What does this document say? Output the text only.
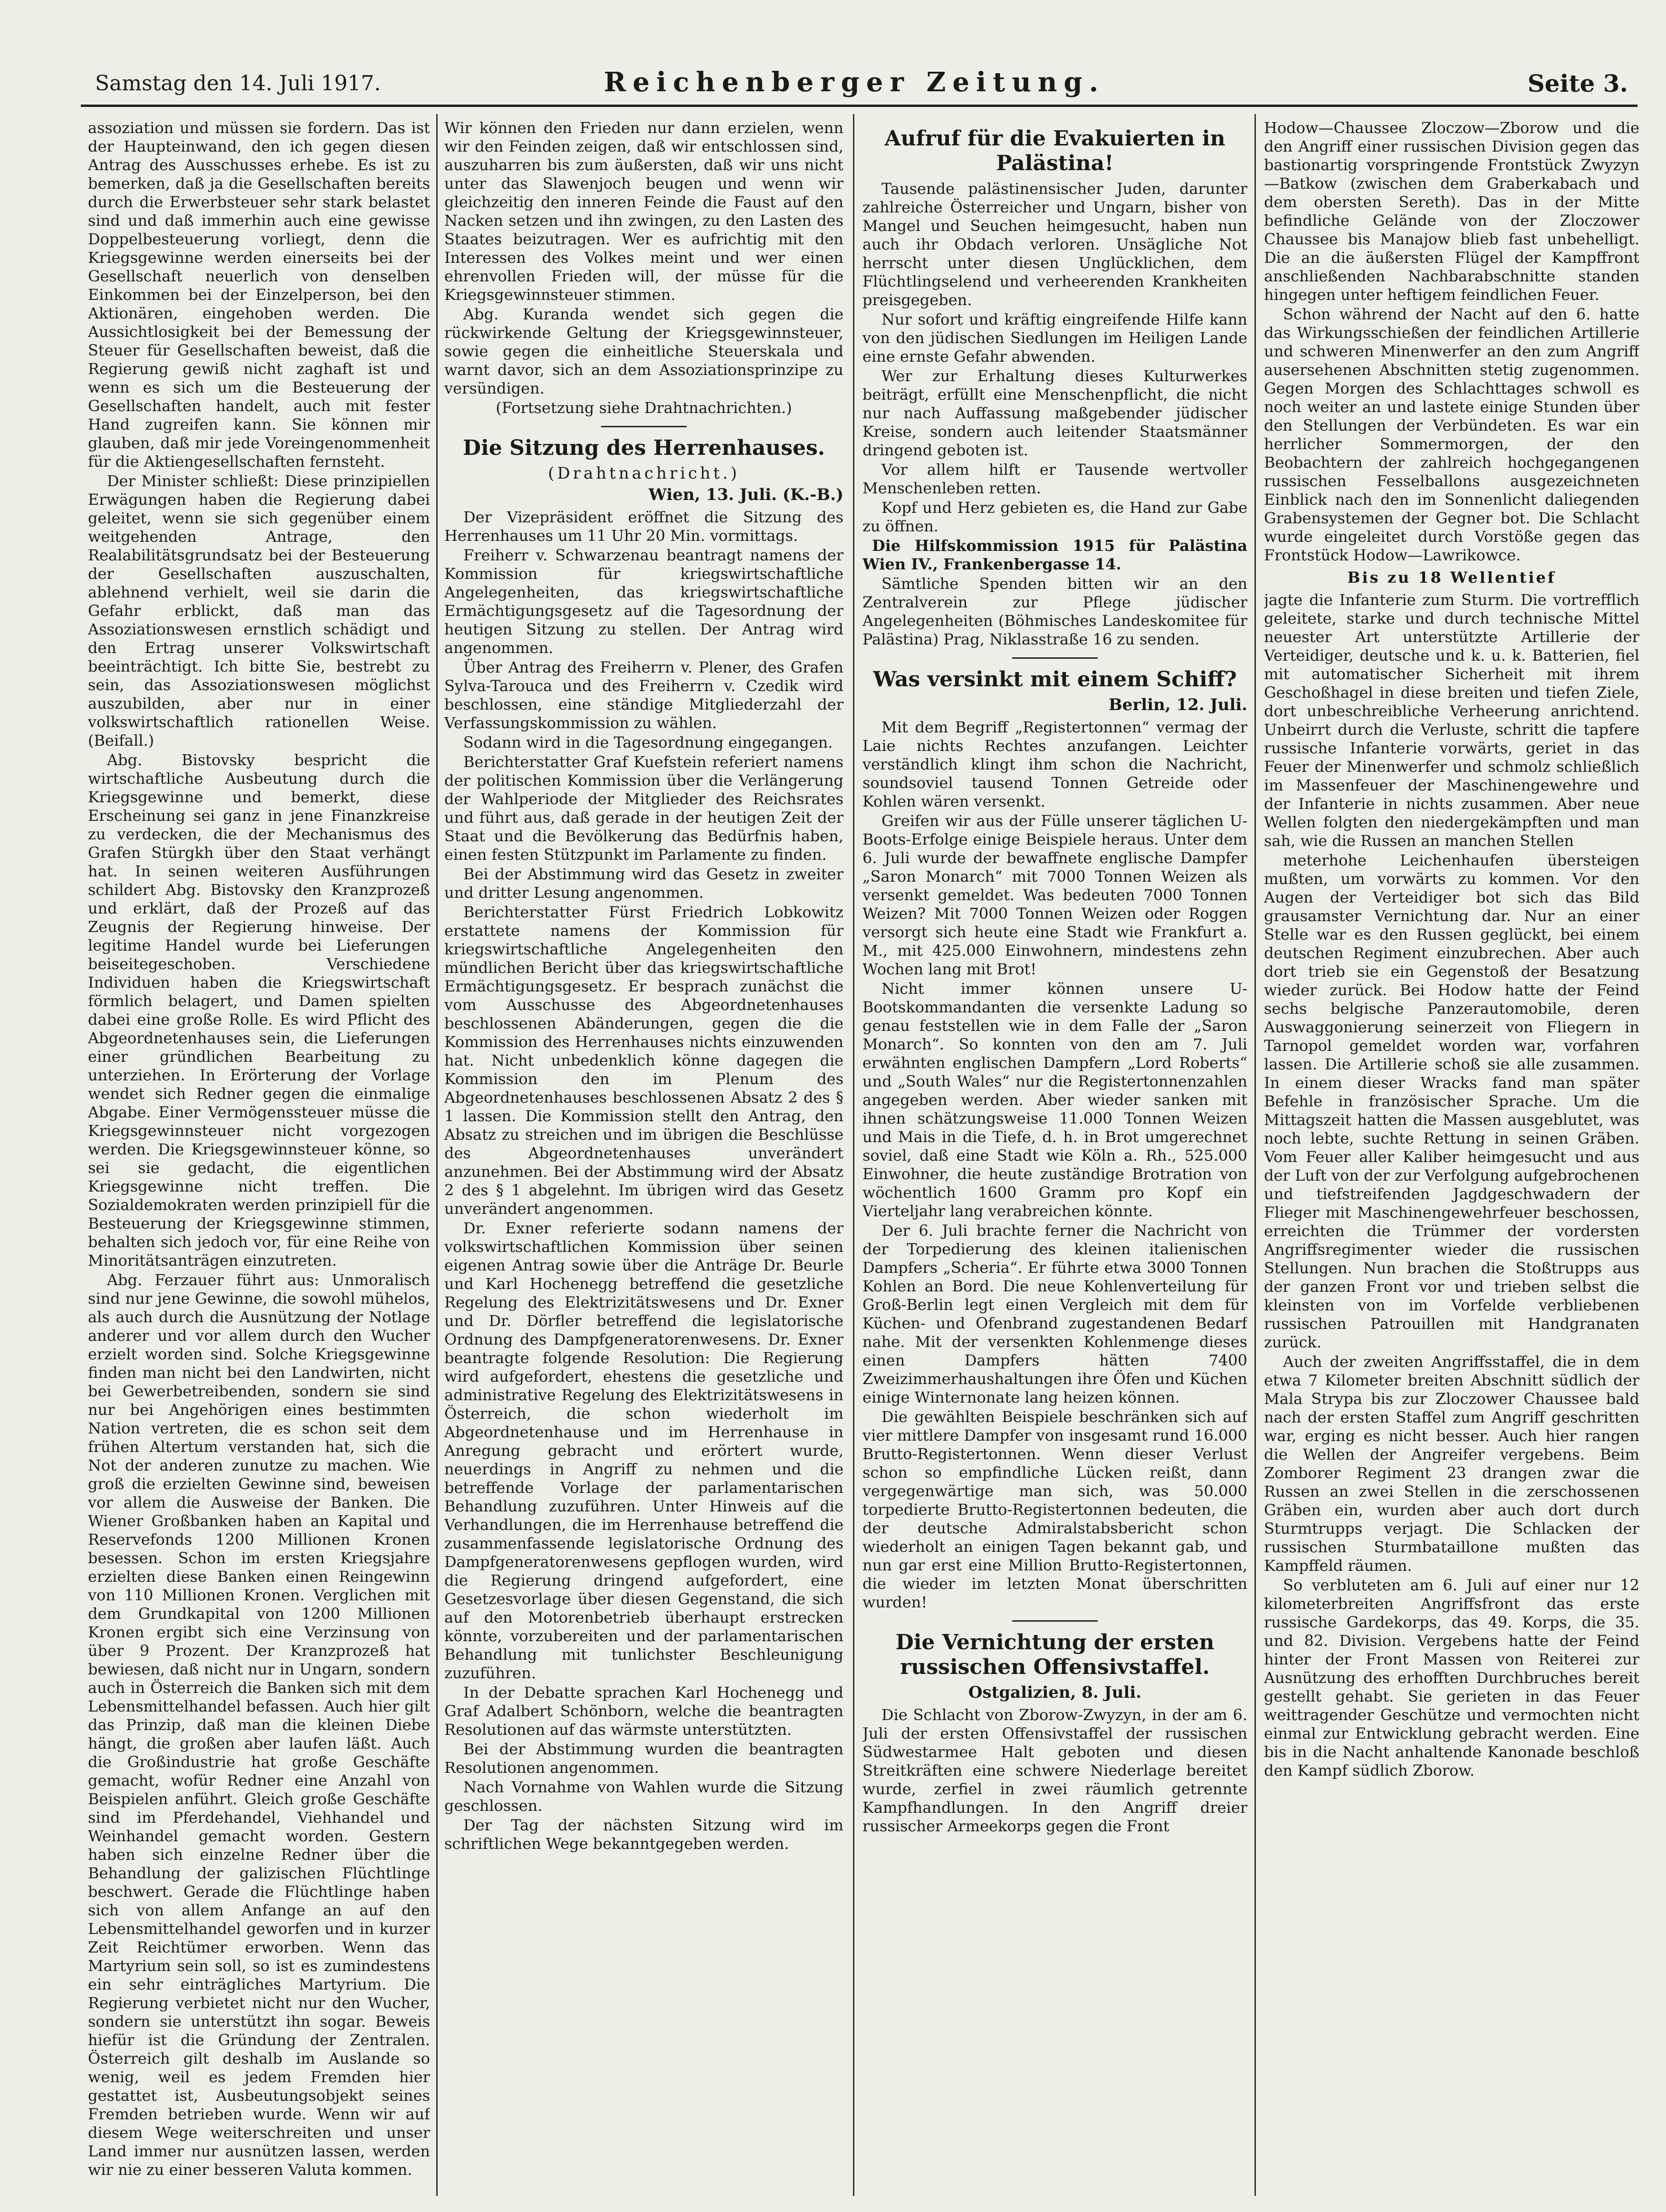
Samstag den 14. Juli 1917.	Reichenberger Zeitung.	Seite 3.

assoziation und müssen sie fordern. Das ist der Haupteinwand, den ich gegen diesen Antrag des Ausschusses erhebe. Es ist zu bemerken, daß ja die Gesellschaften bereits durch die Erwerbsteuer sehr stark belastet sind und daß immerhin auch eine gewisse Doppelbesteuerung vorliegt, denn die Kriegsgewinne werden einerseits bei der Gesellschaft neuerlich von denselben Einkommen bei der Einzelperson, bei den Aktionären, eingehoben werden. Die Aussichtlosigkeit bei der Bemessung der Steuer für Gesellschaften beweist, daß die Regierung gewiß nicht zaghaft ist und wenn es sich um die Besteuerung der Gesellschaften handelt, auch mit fester Hand zugreifen kann. Sie können mir glauben, daß mir jede Voreingenommenheit für die Aktiengesellschaften fernsteht.

Der Minister schließt: Diese prinzipiellen Erwägungen haben die Regierung dabei geleitet, wenn sie sich gegenüber einem weitgehenden Antrage, den Realabilitätsgrundsatz bei der Besteuerung der Gesellschaften auszuschalten, ablehnend verhielt, weil sie darin die Gefahr erblickt, daß man das Assoziationswesen ernstlich schädigt und den Ertrag unserer Volkswirtschaft beeinträchtigt. Ich bitte Sie, bestrebt zu sein, das Assoziationswesen möglichst auszubilden, aber nur in einer volkswirtschaftlich rationellen Weise. (Beifall.)

Abg. Bistovsky bespricht die wirtschaftliche Ausbeutung durch die Kriegsgewinne und bemerkt, diese Erscheinung sei ganz in jene Finanzkreise zu verdecken, die der Mechanismus des Grafen Stürgkh über den Staat verhängt hat. In seinen weiteren Ausführungen schildert Abg. Bistovsky den Kranzprozeß und erklärt, daß der Prozeß auf das Zeugnis der Regierung hinweise. Der legitime Handel wurde bei Lieferungen beiseitegeschoben. Verschiedene Individuen haben die Kriegswirtschaft förmlich belagert, und Damen spielten dabei eine große Rolle. Es wird Pflicht des Abgeordnetenhauses sein, die Lieferungen einer gründlichen Bearbeitung zu unterziehen. In Erörterung der Vorlage wendet sich Redner gegen die einmalige Abgabe. Einer Vermögenssteuer müsse die Kriegsgewinnsteuer nicht vorgezogen werden. Die Kriegsgewinnsteuer könne, so sei sie gedacht, die eigentlichen Kriegsgewinne nicht treffen. Die Sozialdemokraten werden prinzipiell für die Besteuerung der Kriegsgewinne stimmen, behalten sich jedoch vor, für eine Reihe von Minoritätsanträgen einzutreten.

Abg. Ferzauer führt aus: Unmoralisch sind nur jene Gewinne, die sowohl mühelos, als auch durch die Ausnützung der Notlage anderer und vor allem durch den Wucher erzielt worden sind. Solche Kriegsgewinne finden man nicht bei den Landwirten, nicht bei Gewerbetreibenden, sondern sie sind nur bei Angehörigen eines bestimmten Nation vertreten, die es schon seit dem frühen Altertum verstanden hat, sich die Not der anderen zunutze zu machen. Wie groß die erzielten Gewinne sind, beweisen vor allem die Ausweise der Banken. Die Wiener Großbanken haben an Kapital und Reservefonds 1200 Millionen Kronen besessen. Schon im ersten Kriegsjahre erzielten diese Banken einen Reingewinn von 110 Millionen Kronen. Verglichen mit dem Grundkapital von 1200 Millionen Kronen ergibt sich eine Verzinsung von über 9 Prozent. Der Kranzprozeß hat bewiesen, daß nicht nur in Ungarn, sondern auch in Österreich die Banken sich mit dem Lebensmittelhandel befassen. Auch hier gilt das Prinzip, daß man die kleinen Diebe hängt, die großen aber laufen läßt. Auch die Großindustrie hat große Geschäfte gemacht, wofür Redner eine Anzahl von Beispielen anführt. Gleich große Geschäfte sind im Pferdehandel, Viehhandel und Weinhandel gemacht worden. Gestern haben sich einzelne Redner über die Behandlung der galizischen Flüchtlinge beschwert. Gerade die Flüchtlinge haben sich von allem Anfange an auf den Lebensmittelhandel geworfen und in kurzer Zeit Reichtümer erworben. Wenn das Martyrium sein soll, so ist es zumindestens ein sehr einträgliches Martyrium. Die Regierung verbietet nicht nur den Wucher, sondern sie unterstützt ihn sogar. Beweis hiefür ist die Gründung der Zentralen. Österreich gilt deshalb im Auslande so wenig, weil es jedem Fremden hier gestattet ist, Ausbeutungsobjekt seines Fremden betrieben wurde. Wenn wir auf diesem Wege weiterschreiten und unser Land immer nur ausnützen lassen, werden wir nie zu einer besseren Valuta kommen.

Wir können den Frieden nur dann erzielen, wenn wir den Feinden zeigen, daß wir entschlossen sind, auszuharren bis zum äußersten, daß wir uns nicht unter das Slawenjoch beugen und wenn wir gleichzeitig den inneren Feinde die Faust auf den Nacken setzen und ihn zwingen, zu den Lasten des Staates beizutragen. Wer es aufrichtig mit den Interessen des Volkes meint und wer einen ehrenvollen Frieden will, der müsse für die Kriegsgewinnsteuer stimmen.

Abg. Kuranda wendet sich gegen die rückwirkende Geltung der Kriegsgewinnsteuer, sowie gegen die einheitliche Steuerskala und warnt davor, sich an dem Assoziationsprinzipe zu versündigen.

(Fortsetzung siehe Drahtnachrichten.)

Die Sitzung des Herrenhauses.
(Drahtnachricht.)
Wien, 13. Juli. (K.-B.)

Der Vizepräsident eröffnet die Sitzung des Herrenhauses um 11 Uhr 20 Min. vormittags.

Freiherr v. Schwarzenau beantragt namens der Kommission für kriegswirtschaftliche Angelegenheiten, das kriegswirtschaftliche Ermächtigungsgesetz auf die Tagesordnung der heutigen Sitzung zu stellen. Der Antrag wird angenommen.

Über Antrag des Freiherrn v. Plener, des Grafen Sylva-Tarouca und des Freiherrn v. Czedik wird beschlossen, eine ständige Mitgliederzahl der Verfassungskommission zu wählen.

Sodann wird in die Tagesordnung eingegangen.

Berichterstatter Graf Kuefstein referiert namens der politischen Kommission über die Verlängerung der Wahlperiode der Mitglieder des Reichsrates und führt aus, daß gerade in der heutigen Zeit der Staat und die Bevölkerung das Bedürfnis haben, einen festen Stützpunkt im Parlamente zu finden.

Bei der Abstimmung wird das Gesetz in zweiter und dritter Lesung angenommen.

Berichterstatter Fürst Friedrich Lobkowitz erstattete namens der Kommission für kriegswirtschaftliche Angelegenheiten den mündlichen Bericht über das kriegswirtschaftliche Ermächtigungsgesetz. Er besprach zunächst die vom Ausschusse des Abgeordnetenhauses beschlossenen Abänderungen, gegen die die Kommission des Herrenhauses nichts einzuwenden hat. Nicht unbedenklich könne dagegen die Kommission den im Plenum des Abgeordnetenhauses beschlossenen Absatz 2 des § 1 lassen. Die Kommission stellt den Antrag, den Absatz zu streichen und im übrigen die Beschlüsse des Abgeordnetenhauses unverändert anzunehmen. Bei der Abstimmung wird der Absatz 2 des § 1 abgelehnt. Im übrigen wird das Gesetz unverändert angenommen.

Dr. Exner referierte sodann namens der volkswirtschaftlichen Kommission über seinen eigenen Antrag sowie über die Anträge Dr. Beurle und Karl Hochenegg betreffend die gesetzliche Regelung des Elektrizitätswesens und Dr. Exner und Dr. Dörfler betreffend die legislatorische Ordnung des Dampfgeneratorenwesens. Dr. Exner beantragte folgende Resolution: Die Regierung wird aufgefordert, ehestens die gesetzliche und administrative Regelung des Elektrizitätswesens in Österreich, die schon wiederholt im Abgeordnetenhause und im Herrenhause in Anregung gebracht und erörtert wurde, neuerdings in Angriff zu nehmen und die betreffende Vorlage der parlamentarischen Behandlung zuzuführen. Unter Hinweis auf die Verhandlungen, die im Herrenhause betreffend die zusammenfassende legislatorische Ordnung des Dampfgeneratorenwesens gepflogen wurden, wird die Regierung dringend aufgefordert, eine Gesetzesvorlage über diesen Gegenstand, die sich auf den Motorenbetrieb überhaupt erstrecken könnte, vorzubereiten und der parlamentarischen Behandlung mit tunlichster Beschleunigung zuzuführen.

In der Debatte sprachen Karl Hochenegg und Graf Adalbert Schönborn, welche die beantragten Resolutionen auf das wärmste unterstützten.

Bei der Abstimmung wurden die beantragten Resolutionen angenommen.

Nach Vornahme von Wahlen wurde die Sitzung geschlossen.

Der Tag der nächsten Sitzung wird im schriftlichen Wege bekanntgegeben werden.

Aufruf für die Evakuierten in Palästina!

Tausende palästinensischer Juden, darunter zahlreiche Österreicher und Ungarn, bisher von Mangel und Seuchen heimgesucht, haben nun auch ihr Obdach verloren. Unsägliche Not herrscht unter diesen Unglücklichen, dem Flüchtlingselend und verheerenden Krankheiten preisgegeben.

Nur sofort und kräftig eingreifende Hilfe kann von den jüdischen Siedlungen im Heiligen Lande eine ernste Gefahr abwenden.

Wer zur Erhaltung dieses Kulturwerkes beiträgt, erfüllt eine Menschenpflicht, die nicht nur nach Auffassung maßgebender jüdischer Kreise, sondern auch leitender Staatsmänner dringend geboten ist.

Vor allem hilft er Tausende wertvoller Menschenleben retten.

Kopf und Herz gebieten es, die Hand zur Gabe zu öffnen.

Die Hilfskommission 1915 für Palästina Wien IV., Frankenbergasse 14.

Sämtliche Spenden bitten wir an den Zentralverein zur Pflege jüdischer Angelegenheiten (Böhmisches Landeskomitee für Palästina) Prag, Niklasstraße 16 zu senden.

Was versinkt mit einem Schiff?
Berlin, 12. Juli.

Mit dem Begriff „Registertonnen“ vermag der Laie nichts Rechtes anzufangen. Leichter verständlich klingt ihm schon die Nachricht, soundsoviel tausend Tonnen Getreide oder Kohlen wären versenkt.

Greifen wir aus der Fülle unserer täglichen U-Boots-Erfolge einige Beispiele heraus. Unter dem 6. Juli wurde der bewaffnete englische Dampfer „Saron Monarch“ mit 7000 Tonnen Weizen als versenkt gemeldet. Was bedeuten 7000 Tonnen Weizen? Mit 7000 Tonnen Weizen oder Roggen versorgt sich heute eine Stadt wie Frankfurt a. M., mit 425.000 Einwohnern, mindestens zehn Wochen lang mit Brot!

Nicht immer können unsere U-Bootskommandanten die versenkte Ladung so genau feststellen wie in dem Falle der „Saron Monarch“. So konnten von den am 7. Juli erwähnten englischen Dampfern „Lord Roberts“ und „South Wales“ nur die Registertonnenzahlen angegeben werden. Aber wieder sanken mit ihnen schätzungsweise 11.000 Tonnen Weizen und Mais in die Tiefe, d. h. in Brot umgerechnet soviel, daß eine Stadt wie Köln a. Rh., 525.000 Einwohner, die heute zuständige Brotration von wöchentlich 1600 Gramm pro Kopf ein Vierteljahr lang verabreichen könnte.

Der 6. Juli brachte ferner die Nachricht von der Torpedierung des kleinen italienischen Dampfers „Scheria“. Er führte etwa 3000 Tonnen Kohlen an Bord. Die neue Kohlenverteilung für Groß-Berlin legt einen Vergleich mit dem für Küchen- und Ofenbrand zugestandenen Bedarf nahe. Mit der versenkten Kohlenmenge dieses einen Dampfers hätten 7400 Zweizimmerhaushaltungen ihre Öfen und Küchen einige Winternonate lang heizen können.

Die gewählten Beispiele beschränken sich auf vier mittlere Dampfer von insgesamt rund 16.000 Brutto-Registertonnen. Wenn dieser Verlust schon so empfindliche Lücken reißt, dann vergegenwärtige man sich, was 50.000 torpedierte Brutto-Registertonnen bedeuten, die der deutsche Admiralstabsbericht schon wiederholt an einigen Tagen bekannt gab, und nun gar erst eine Million Brutto-Registertonnen, die wieder im letzten Monat überschritten wurden!

Die Vernichtung der ersten
russischen Offensivstaffel.
Ostgalizien, 8. Juli.

Die Schlacht von Zborow-Zwyzyn, in der am 6. Juli der ersten Offensivstaffel der russischen Südwestarmee Halt geboten und diesen Streitkräften eine schwere Niederlage bereitet wurde, zerfiel in zwei räumlich getrennte Kampfhandlungen. In den Angriff dreier russischer Armeekorps gegen die Front

Hodow—Chaussee Zloczow—Zborow und die den Angriff einer russischen Division gegen das bastionartig vorspringende Frontstück Zwyzyn—Batkow (zwischen dem Graberkabach und dem obersten Sereth). Das in der Mitte befindliche Gelände von der Zloczower Chaussee bis Manajow blieb fast unbehelligt. Die an die äußersten Flügel der Kampffront anschließenden Nachbarabschnitte standen hingegen unter heftigem feindlichen Feuer.

Schon während der Nacht auf den 6. hatte das Wirkungsschießen der feindlichen Artillerie und schweren Minenwerfer an den zum Angriff ausersehenen Abschnitten stetig zugenommen. Gegen Morgen des Schlachttages schwoll es noch weiter an und lastete einige Stunden über den Stellungen der Verbündeten. Es war ein herrlicher Sommermorgen, der den Beobachtern der zahlreich hochgegangenen russischen Fesselballons ausgezeichneten Einblick nach den im Sonnenlicht daliegenden Grabensystemen der Gegner bot. Die Schlacht wurde eingeleitet durch Vorstöße gegen das Frontstück Hodow—Lawrikowce.

Bis zu 18 Wellentief

jagte die Infanterie zum Sturm. Die vortrefflich geleitete, starke und durch technische Mittel neuester Art unterstützte Artillerie der Verteidiger, deutsche und k. u. k. Batterien, fiel mit automatischer Sicherheit mit ihrem Geschoßhagel in diese breiten und tiefen Ziele, dort unbeschreibliche Verheerung anrichtend. Unbeirrt durch die Verluste, schritt die tapfere russische Infanterie vorwärts, geriet in das Feuer der Minenwerfer und schmolz schließlich im Massenfeuer der Maschinengewehre und der Infanterie in nichts zusammen. Aber neue Wellen folgten den niedergekämpften und man sah, wie die Russen an manchen Stellen

meterhohe Leichenhaufen übersteigen mußten, um vorwärts zu kommen. Vor den Augen der Verteidiger bot sich das Bild grausamster Vernichtung dar. Nur an einer Stelle war es den Russen geglückt, bei einem deutschen Regiment einzubrechen. Aber auch dort trieb sie ein Gegenstoß der Besatzung wieder zurück. Bei Hodow hatte der Feind sechs belgische Panzerautomobile, deren Auswaggonierung seinerzeit von Fliegern in Tarnopol gemeldet worden war, vorfahren lassen. Die Artillerie schoß sie alle zusammen. In einem dieser Wracks fand man später Befehle in französischer Sprache. Um die Mittagszeit hatten die Massen ausgeblutet, was noch lebte, suchte Rettung in seinen Gräben. Vom Feuer aller Kaliber heimgesucht und aus der Luft von der zur Verfolgung aufgebrochenen und tiefstreifenden Jagdgeschwadern der Flieger mit Maschinengewehrfeuer beschossen, erreichten die Trümmer der vordersten Angriffsregimenter wieder die russischen Stellungen. Nun brachen die Stoßtrupps aus der ganzen Front vor und trieben selbst die kleinsten von im Vorfelde verbliebenen russischen Patrouillen mit Handgranaten zurück.

Auch der zweiten Angriffsstaffel, die in dem etwa 7 Kilometer breiten Abschnitt südlich der Mala Strypa bis zur Zloczower Chaussee bald nach der ersten Staffel zum Angriff geschritten war, erging es nicht besser. Auch hier rangen die Wellen der Angreifer vergebens. Beim Zomborer Regiment 23 drangen zwar die Russen an zwei Stellen in die zerschossenen Gräben ein, wurden aber auch dort durch Sturmtrupps verjagt. Die Schlacken der russischen Sturmbataillone mußten das Kampffeld räumen.

So verbluteten am 6. Juli auf einer nur 12 kilometerbreiten Angriffsfront das erste russische Gardekorps, das 49. Korps, die 35. und 82. Division. Vergebens hatte der Feind hinter der Front Massen von Reiterei zur Ausnützung des erhofften Durchbruches bereit gestellt gehabt. Sie gerieten in das Feuer weittragender Geschütze und vermochten nicht einmal zur Entwicklung gebracht werden. Eine bis in die Nacht anhaltende Kanonade beschloß den Kampf südlich Zborow.
